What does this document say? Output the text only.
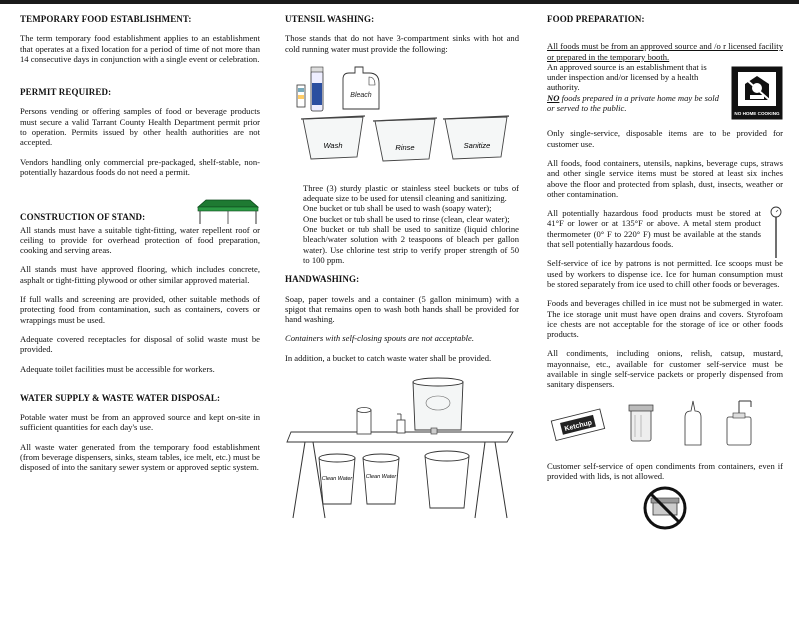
TEMPORARY FOOD ESTABLISHMENT:

The term temporary food establishment applies to an establishment that operates at a fixed location for a period of time of not more than 14 consecutive days in conjunction with a single event or celebration.

PERMIT REQUIRED:

Persons vending or offering samples of food or beverage products must secure a valid Tarrant County Health Department permit prior to operation. Permits issued by other health authorities are not accepted.

Vendors handling only commercial pre-packaged, shelf-stable, non-potentially hazardous foods do not need a permit.

CONSTRUCTION OF STAND:

All stands must have a suitable tight-fitting, water repellent roof or ceiling to provide for overhead protection of food preparation, cooking and serving areas.

All stands must have approved flooring, which includes concrete, asphalt or tight-fitting plywood or other similar approved material.

If full walls and screening are provided, other suitable methods of protecting food from contamination, such as containers, covers or wrappings must be used.

Adequate covered receptacles for disposal of solid waste must be provided.

Adequate toilet facilities must be accessible for workers.

WATER SUPPLY & WASTE WATER DISPOSAL:

Potable water must be from an approved source and kept on-site in sufficient quantities for each day's use.

All waste water generated from the temporary food establishment (from beverage dispensers, sinks, steam tables, ice melt, etc.) must be disposed of into the sanitary sewer system or approved septic system.

UTENSIL WASHING:

Those stands that do not have 3-compartment sinks with hot and cold running water must provide the following:

Bleach
Wash	Rinse	Sanitize

Three (3) sturdy plastic or stainless steel buckets or tubs of adequate size to be used for utensil cleaning and sanitizing.

One bucket or tub shall be used to wash (soapy water);

One bucket or tub shall be used to rinse (clean, clear water);

One bucket or tub shall be used to sanitize (liquid chlorine bleach/water solution with 2 teaspoons of bleach per gallon water). Use chlorine test strip to verify proper strength of 50 to 100 ppm.

HANDWASHING:

Soap, paper towels and a container (5 gallon minimum) with a spigot that remains open to wash both hands shall be provided for hand washing.

Containers with self-closing spouts are not acceptable.

In addition, a bucket to catch waste water shall be provided.

Clean Water Clean Water
FOOD PREPARATION:

All foods must be from an approved source and /o r licensed facility or prepared in the temporary booth.

NO HOME COOKING

An approved source is an establishment that is under inspection and/or licensed by a health authority.

NO foods prepared in a private home may be sold or served to the public.

Only single-service, disposable items are to be provided for customer use.

All foods, food containers, utensils, napkins, beverage cups, straws and other single service items must be stored at least six inches above the floor and protected from splash, dust, insects, weather or other contamination.

All potentially hazardous food products must be stored at 41°F or lower or at 135°F or above. A metal stem product thermometer (0° F to 220° F) must be available at the stands that sell potentially hazardous foods.

Self-service of ice by patrons is not permitted. Ice scoops must be used by workers to dispense ice. Ice for human consumption must be stored separately from ice used to chill other foods or beverages.

Foods and beverages chilled in ice must not be submerged in water. The ice storage unit must have open drains and covers. Styrofoam ice chests are not acceptable for the storage of ice or other foods products.

All condiments, including onions, relish, catsup, mustard, mayonnaise, etc., available for customer self-service must be available in single self-service packets or properly dispensed from sanitary dispensers.

Ketchup

Customer self-service of open condiments from containers, even if provided with lids, is not allowed.
